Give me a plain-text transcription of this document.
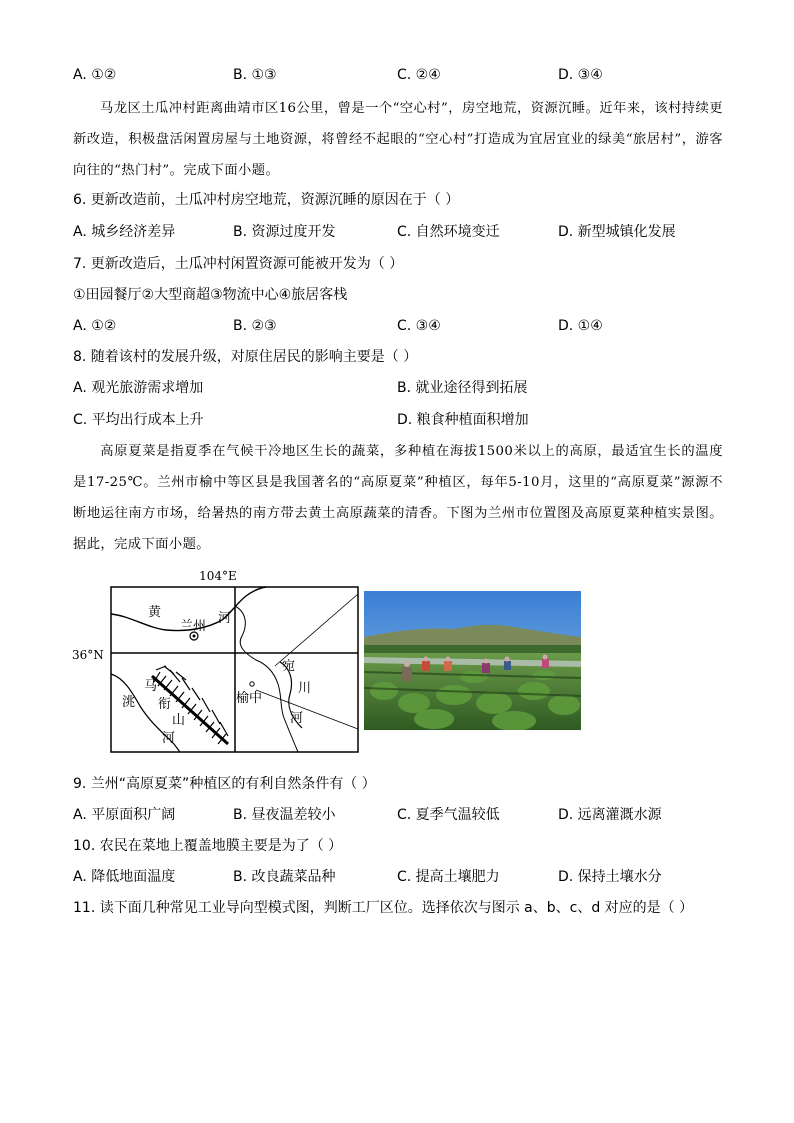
A. ①②	B. ①③	C. ②④	D. ③④
马龙区土瓜冲村距离曲靖市区16公里，曾是一个“空心村”，房空地荒，资源沉睡。近年来，该村持续更新改造，积极盘活闲置房屋与土地资源，将曾经不起眼的“空心村”打造成为宜居宜业的绿美“旅居村”，游客向往的“热门村”。完成下面小题。
6. 更新改造前，土瓜冲村房空地荒，资源沉睡的原因在于（ ）
A. 城乡经济差异	B. 资源过度开发	C. 自然环境变迁	D. 新型城镇化发展
7. 更新改造后，土瓜冲村闲置资源可能被开发为（ ）
①田园餐厅②大型商超③物流中心④旅居客栈
A. ①②	B. ②③	C. ③④	D. ①④
8. 随着该村的发展升级，对原住居民的影响主要是（ ）
A. 观光旅游需求增加	B. 就业途径得到拓展
C. 平均出行成本上升	D. 粮食种植面积增加
高原夏菜是指夏季在气候干冷地区生长的蔬菜，多种植在海拔1500米以上的高原，最适宜生长的温度是17-25℃。兰州市榆中等区县是我国著名的“高原夏菜”种植区，每年5-10月，这里的“高原夏菜”源源不断地运往南方市场，给暑热的南方带去黄土高原蔬菜的清香。下图为兰州市位置图及高原夏菜种植实景图。据此，完成下面小题。
104°E
36°N
黄	河
兰州
宛
川
河
榆中
马
衔
山
洮
河
9. 兰州“高原夏菜”种植区的有利自然条件有（ ）
A. 平原面积广阔	B. 昼夜温差较小	C. 夏季气温较低	D. 远离灌溉水源
10. 农民在菜地上覆盖地膜主要是为了（ ）
A. 降低地面温度	B. 改良蔬菜品种	C. 提高土壤肥力	D. 保持土壤水分
11. 读下面几种常见工业导向型模式图，判断工厂区位。选择依次与图示 a、b、c、d 对应的是（ ）
